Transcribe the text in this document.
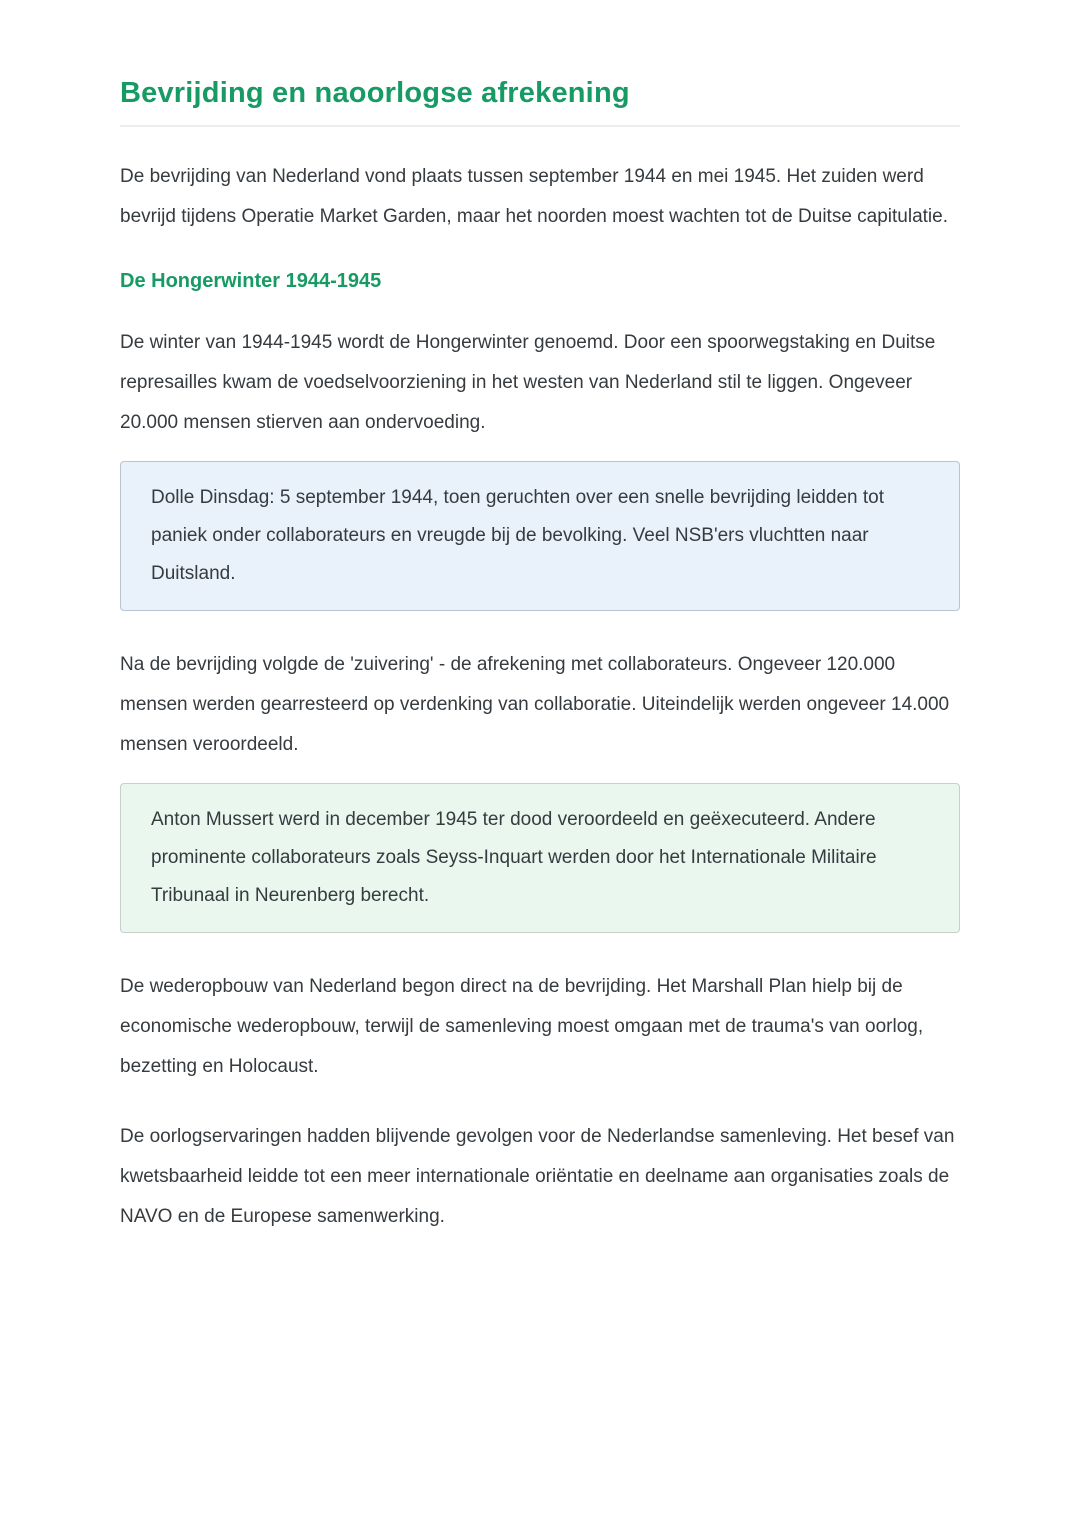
Bevrijding en naoorlogse afrekening

De bevrijding van Nederland vond plaats tussen september 1944 en mei 1945. Het zuiden werd bevrijd tijdens Operatie Market Garden, maar het noorden moest wachten tot de Duitse capitulatie.

De Hongerwinter 1944-1945

De winter van 1944-1945 wordt de Hongerwinter genoemd. Door een spoorwegstaking en Duitse represailles kwam de voedselvoorziening in het westen van Nederland stil te liggen. Ongeveer 20.000 mensen stierven aan ondervoeding.

Dolle Dinsdag: 5 september 1944, toen geruchten over een snelle bevrijding leidden tot paniek onder collaborateurs en vreugde bij de bevolking. Veel NSB'ers vluchtten naar Duitsland.

Na de bevrijding volgde de 'zuivering' - de afrekening met collaborateurs. Ongeveer 120.000 mensen werden gearresteerd op verdenking van collaboratie. Uiteindelijk werden ongeveer 14.000 mensen veroordeeld.

Anton Mussert werd in december 1945 ter dood veroordeeld en geëxecuteerd. Andere prominente collaborateurs zoals Seyss-Inquart werden door het Internationale Militaire Tribunaal in Neurenberg berecht.

De wederopbouw van Nederland begon direct na de bevrijding. Het Marshall Plan hielp bij de economische wederopbouw, terwijl de samenleving moest omgaan met de trauma's van oorlog, bezetting en Holocaust.

De oorlogservaringen hadden blijvende gevolgen voor de Nederlandse samenleving. Het besef van kwetsbaarheid leidde tot een meer internationale oriëntatie en deelname aan organisaties zoals de NAVO en de Europese samenwerking.
